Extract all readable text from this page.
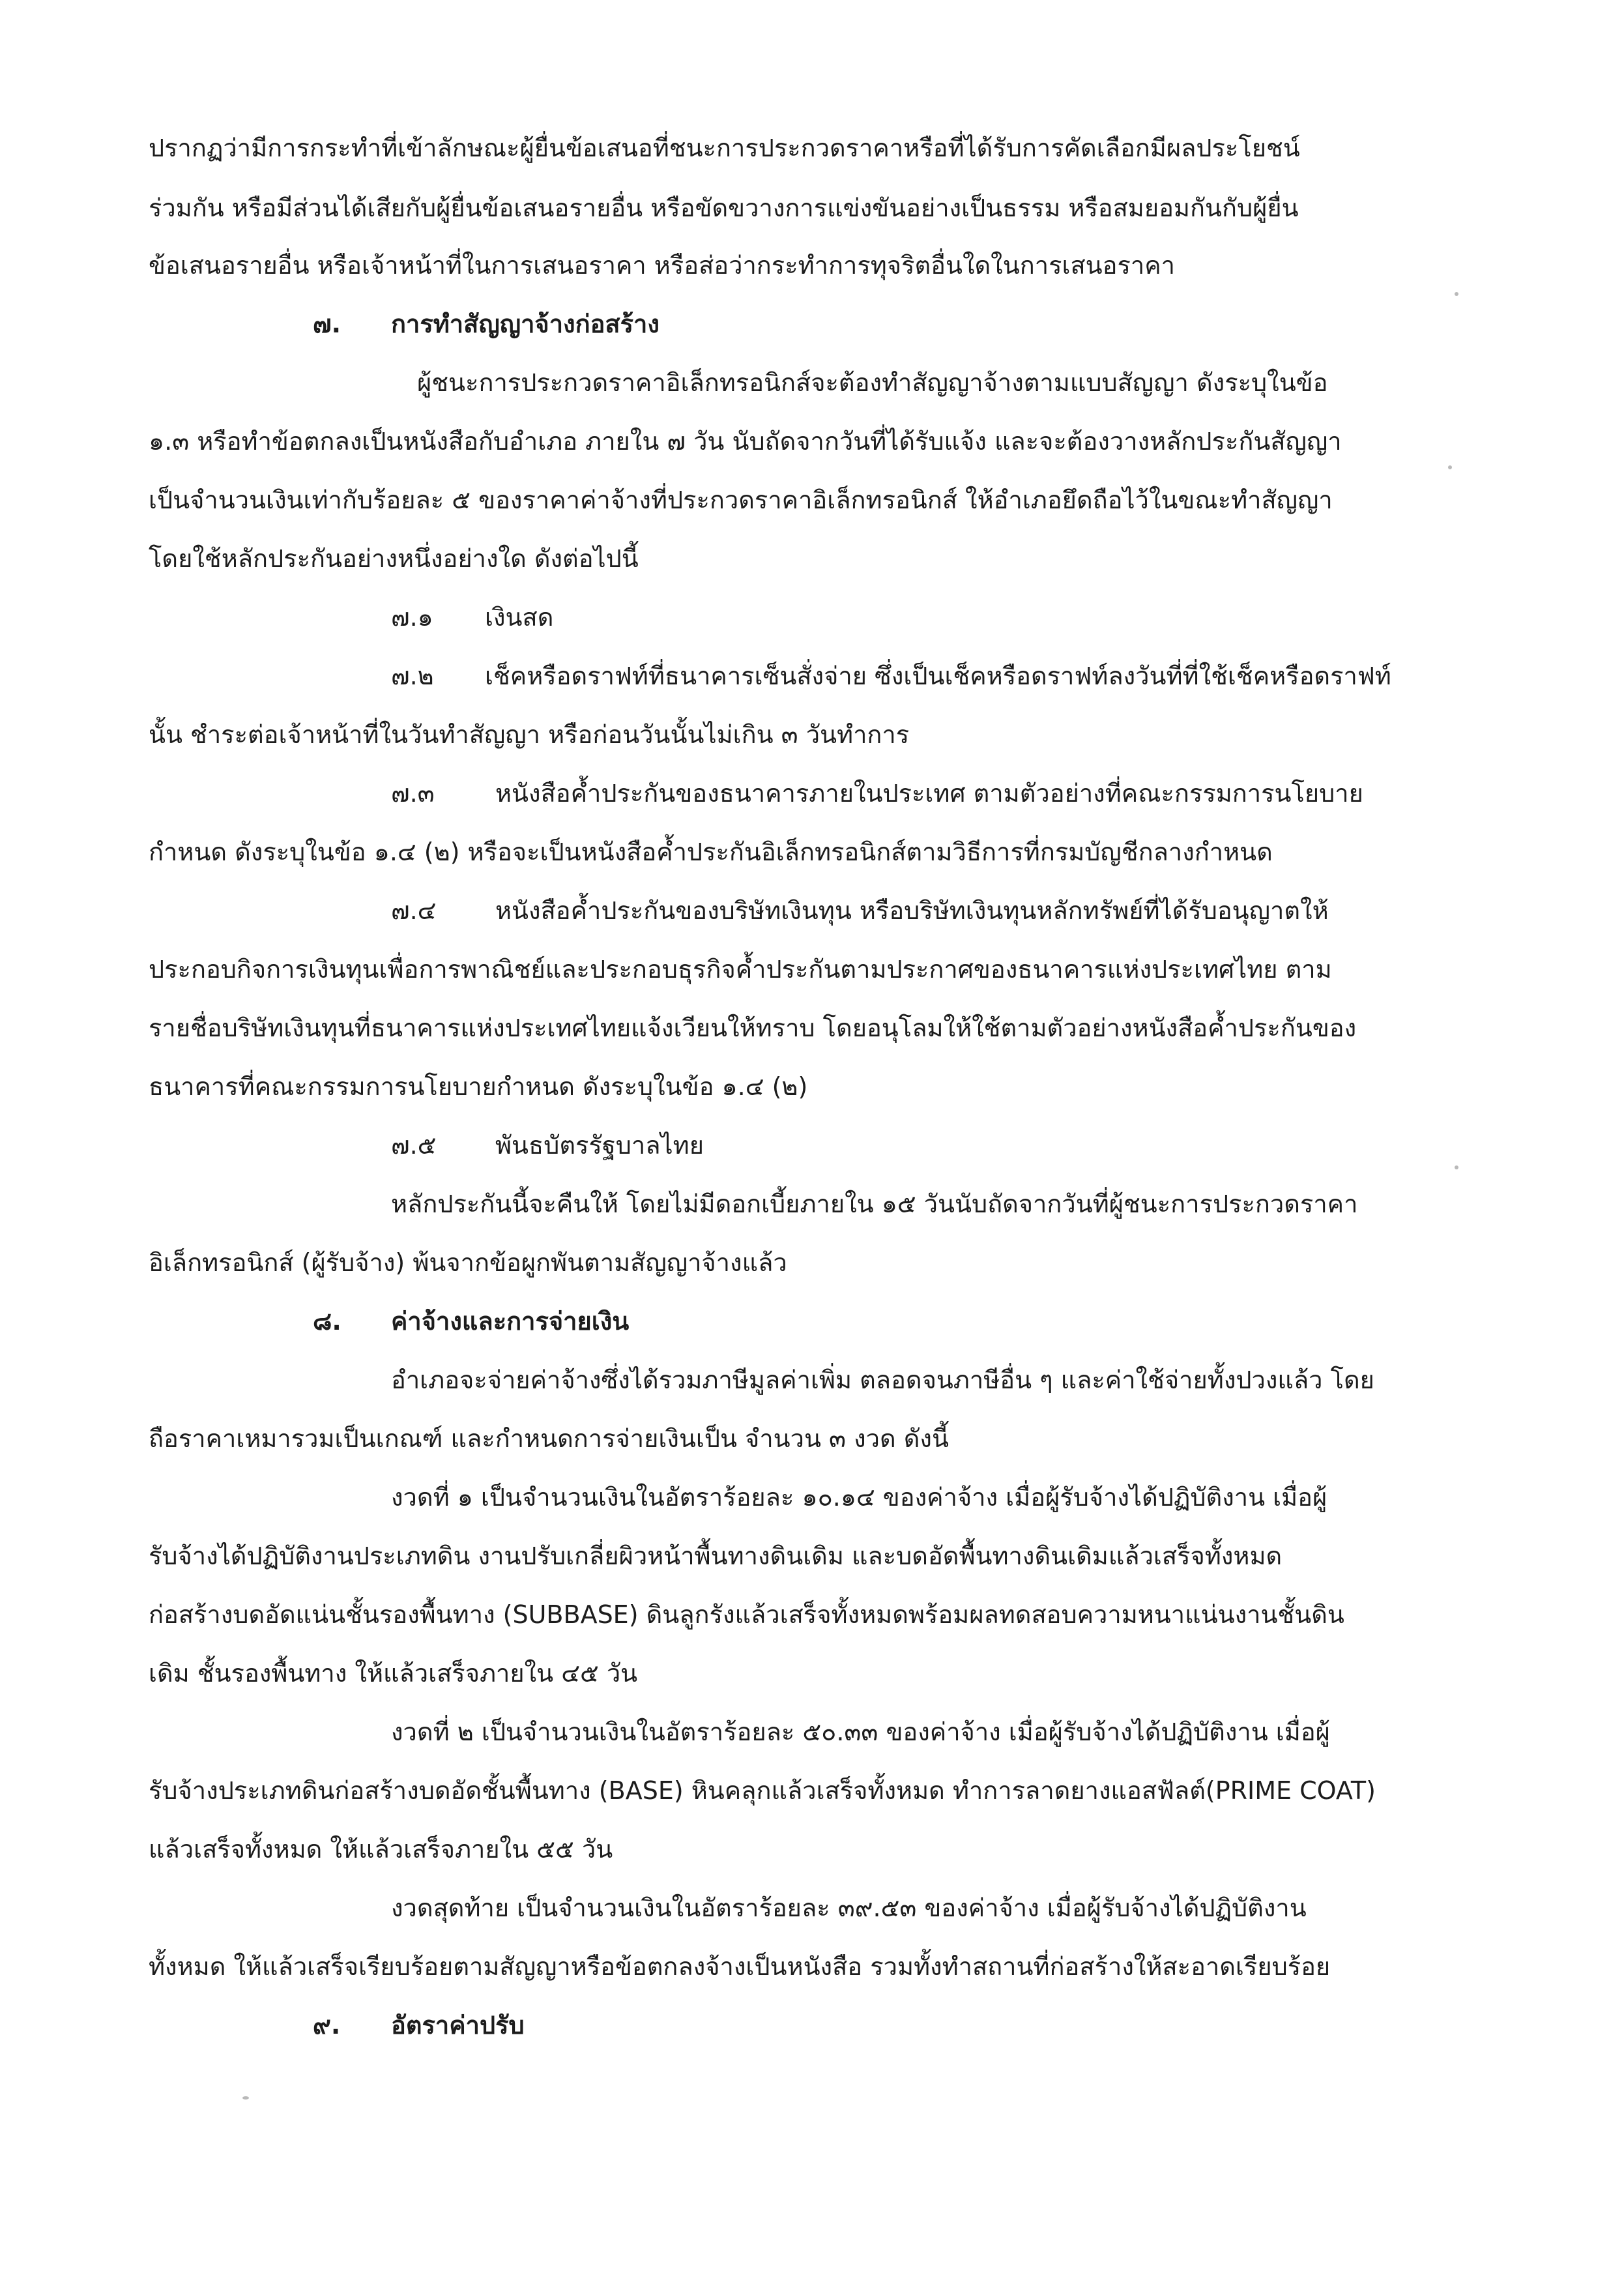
ปรากฏว่ามีการกระทำที่เข้าลักษณะผู้ยื่นข้อเสนอที่ชนะการประกวดราคาหรือที่ได้รับการคัดเลือกมีผลประโยชน์
ร่วมกัน หรือมีส่วนได้เสียกับผู้ยื่นข้อเสนอรายอื่น หรือขัดขวางการแข่งขันอย่างเป็นธรรม หรือสมยอมกันกับผู้ยื่น
ข้อเสนอรายอื่น หรือเจ้าหน้าที่ในการเสนอราคา หรือส่อว่ากระทำการทุจริตอื่นใดในการเสนอราคา
๗. การทำสัญญาจ้างก่อสร้าง
ผู้ชนะการประกวดราคาอิเล็กทรอนิกส์จะต้องทำสัญญาจ้างตามแบบสัญญา ดังระบุในข้อ
๑.๓ หรือทำข้อตกลงเป็นหนังสือกับอำเภอ ภายใน ๗ วัน นับถัดจากวันที่ได้รับแจ้ง และจะต้องวางหลักประกันสัญญา
เป็นจำนวนเงินเท่ากับร้อยละ ๕ ของราคาค่าจ้างที่ประกวดราคาอิเล็กทรอนิกส์ ให้อำเภอยึดถือไว้ในขณะทำสัญญา
โดยใช้หลักประกันอย่างหนึ่งอย่างใด ดังต่อไปนี้
๗.๑ เงินสด
๗.๒ เช็คหรือดราฟท์ที่ธนาคารเซ็นสั่งจ่าย ซึ่งเป็นเช็คหรือดราฟท์ลงวันที่ที่ใช้เช็คหรือดราฟท์
นั้น ชำระต่อเจ้าหน้าที่ในวันทำสัญญา หรือก่อนวันนั้นไม่เกิน ๓ วันทำการ
๗.๓ หนังสือค้ำประกันของธนาคารภายในประเทศ ตามตัวอย่างที่คณะกรรมการนโยบาย
กำหนด ดังระบุในข้อ ๑.๔ (๒) หรือจะเป็นหนังสือค้ำประกันอิเล็กทรอนิกส์ตามวิธีการที่กรมบัญชีกลางกำหนด
๗.๔ หนังสือค้ำประกันของบริษัทเงินทุน หรือบริษัทเงินทุนหลักทรัพย์ที่ได้รับอนุญาตให้
ประกอบกิจการเงินทุนเพื่อการพาณิชย์และประกอบธุรกิจค้ำประกันตามประกาศของธนาคารแห่งประเทศไทย ตาม
รายชื่อบริษัทเงินทุนที่ธนาคารแห่งประเทศไทยแจ้งเวียนให้ทราบ โดยอนุโลมให้ใช้ตามตัวอย่างหนังสือค้ำประกันของ
ธนาคารที่คณะกรรมการนโยบายกำหนด ดังระบุในข้อ ๑.๔ (๒)
๗.๕ พันธบัตรรัฐบาลไทย
หลักประกันนี้จะคืนให้ โดยไม่มีดอกเบี้ยภายใน ๑๕ วันนับถัดจากวันที่ผู้ชนะการประกวดราคา
อิเล็กทรอนิกส์ (ผู้รับจ้าง) พ้นจากข้อผูกพันตามสัญญาจ้างแล้ว
๘. ค่าจ้างและการจ่ายเงิน
อำเภอจะจ่ายค่าจ้างซึ่งได้รวมภาษีมูลค่าเพิ่ม ตลอดจนภาษีอื่น ๆ และค่าใช้จ่ายทั้งปวงแล้ว โดย
ถือราคาเหมารวมเป็นเกณฑ์ และกำหนดการจ่ายเงินเป็น จำนวน ๓ งวด ดังนี้
งวดที่ ๑ เป็นจำนวนเงินในอัตราร้อยละ ๑๐.๑๔ ของค่าจ้าง เมื่อผู้รับจ้างได้ปฏิบัติงาน เมื่อผู้
รับจ้างได้ปฏิบัติงานประเภทดิน งานปรับเกลี่ยผิวหน้าพื้นทางดินเดิม และบดอัดพื้นทางดินเดิมแล้วเสร็จทั้งหมด
ก่อสร้างบดอัดแน่นชั้นรองพื้นทาง (SUBBASE) ดินลูกรังแล้วเสร็จทั้งหมดพร้อมผลทดสอบความหนาแน่นงานชั้นดิน
เดิม ชั้นรองพื้นทาง ให้แล้วเสร็จภายใน ๔๕ วัน
งวดที่ ๒ เป็นจำนวนเงินในอัตราร้อยละ ๕๐.๓๓ ของค่าจ้าง เมื่อผู้รับจ้างได้ปฏิบัติงาน เมื่อผู้
รับจ้างประเภทดินก่อสร้างบดอัดชั้นพื้นทาง (BASE) หินคลุกแล้วเสร็จทั้งหมด ทำการลาดยางแอสฟัลต์(PRIME COAT)
แล้วเสร็จทั้งหมด ให้แล้วเสร็จภายใน ๕๕ วัน
งวดสุดท้าย เป็นจำนวนเงินในอัตราร้อยละ ๓๙.๕๓ ของค่าจ้าง เมื่อผู้รับจ้างได้ปฏิบัติงาน
ทั้งหมด ให้แล้วเสร็จเรียบร้อยตามสัญญาหรือข้อตกลงจ้างเป็นหนังสือ รวมทั้งทำสถานที่ก่อสร้างให้สะอาดเรียบร้อย
๙. อัตราค่าปรับ
